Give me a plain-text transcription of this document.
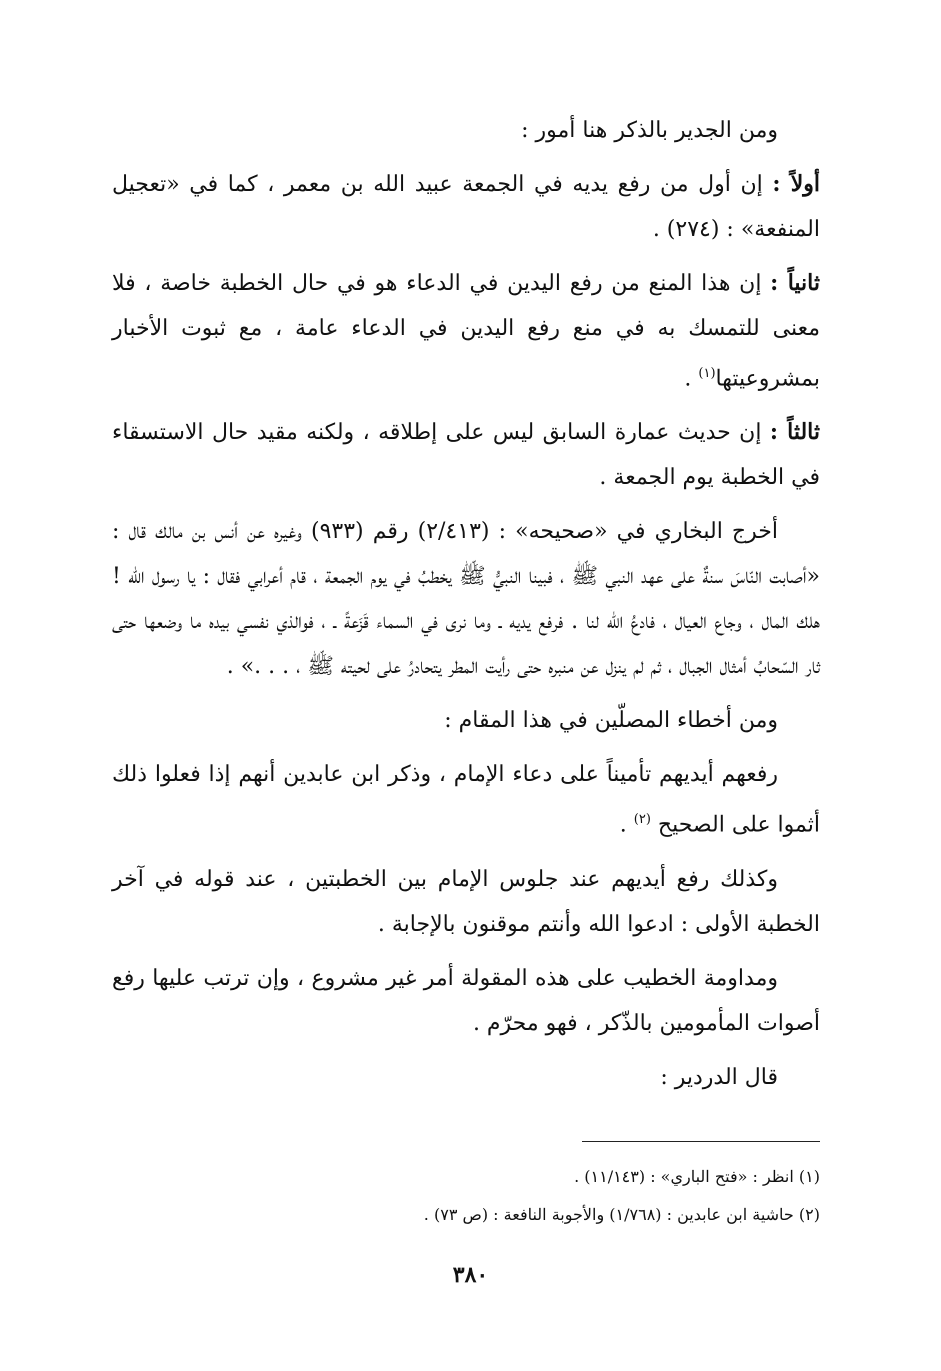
ومن الجدير بالذكر هنا أمور :

أولاً : إن أول من رفع يديه في الجمعة عبيد الله بن معمر ، كما في «تعجيل المنفعة» : (٢٧٤) .

ثانياً : إن هذا المنع من رفع اليدين في الدعاء هو في حال الخطبة خاصة ، فلا معنى للتمسك به في منع رفع اليدين في الدعاء عامة ، مع ثبوت الأخبار بمشروعيتها$^{(١)}$ .

ثالثاً : إن حديث عمارة السابق ليس على إطلاقه ، ولكنه مقيد حال الاستسقاء في الخطبة يوم الجمعة .

أخرج البخاري في «صحيحه» : (٢/٤١٣) رقم (٩٣٣) وغيره عن أنس بن مالك قال : «أصابت النّاسَ سنةٌ على عهد النبي ﷺ ، فبينا النبيُّ ﷺ يخطبُ في يوم الجمعة ، قام أعرابي فقال : يا رسول الله ! هلك المال ، وجاع العيال ، فادعُ الله لنا . فرفع يديه ـ وما نرى في السماء قَزَعةً ـ ، فوالذي نفسي بيده ما وضعها حتى ثار السّحابُ أمثال الجبال ، ثم لم ينزل عن منبره حتى رأيت المطر يتحادرُ على لحيته ﷺ ، . . .» .

ومن أخطاء المصلّين في هذا المقام :

رفعهم أيديهم تأميناً على دعاء الإمام ، وذكر ابن عابدين أنهم إذا فعلوا ذلك أثموا على الصحيح $^{(٢)}$ .

وكذلك رفع أيديهم عند جلوس الإمام بين الخطبتين ، عند قوله في آخر الخطبة الأولى : ادعوا الله وأنتم موقنون بالإجابة .

ومداومة الخطيب على هذه المقولة أمر غير مشروع ، وإن ترتب عليها رفع أصوات المأمومين بالذّكر ، فهو محرّم .

قال الدردير :

(١) انظر : «فتح الباري» : (١١/١٤٣) .

(٢) حاشية ابن عابدين : (١/٧٦٨) والأجوبة النافعة : (ص ٧٣) .

٣٨٠
